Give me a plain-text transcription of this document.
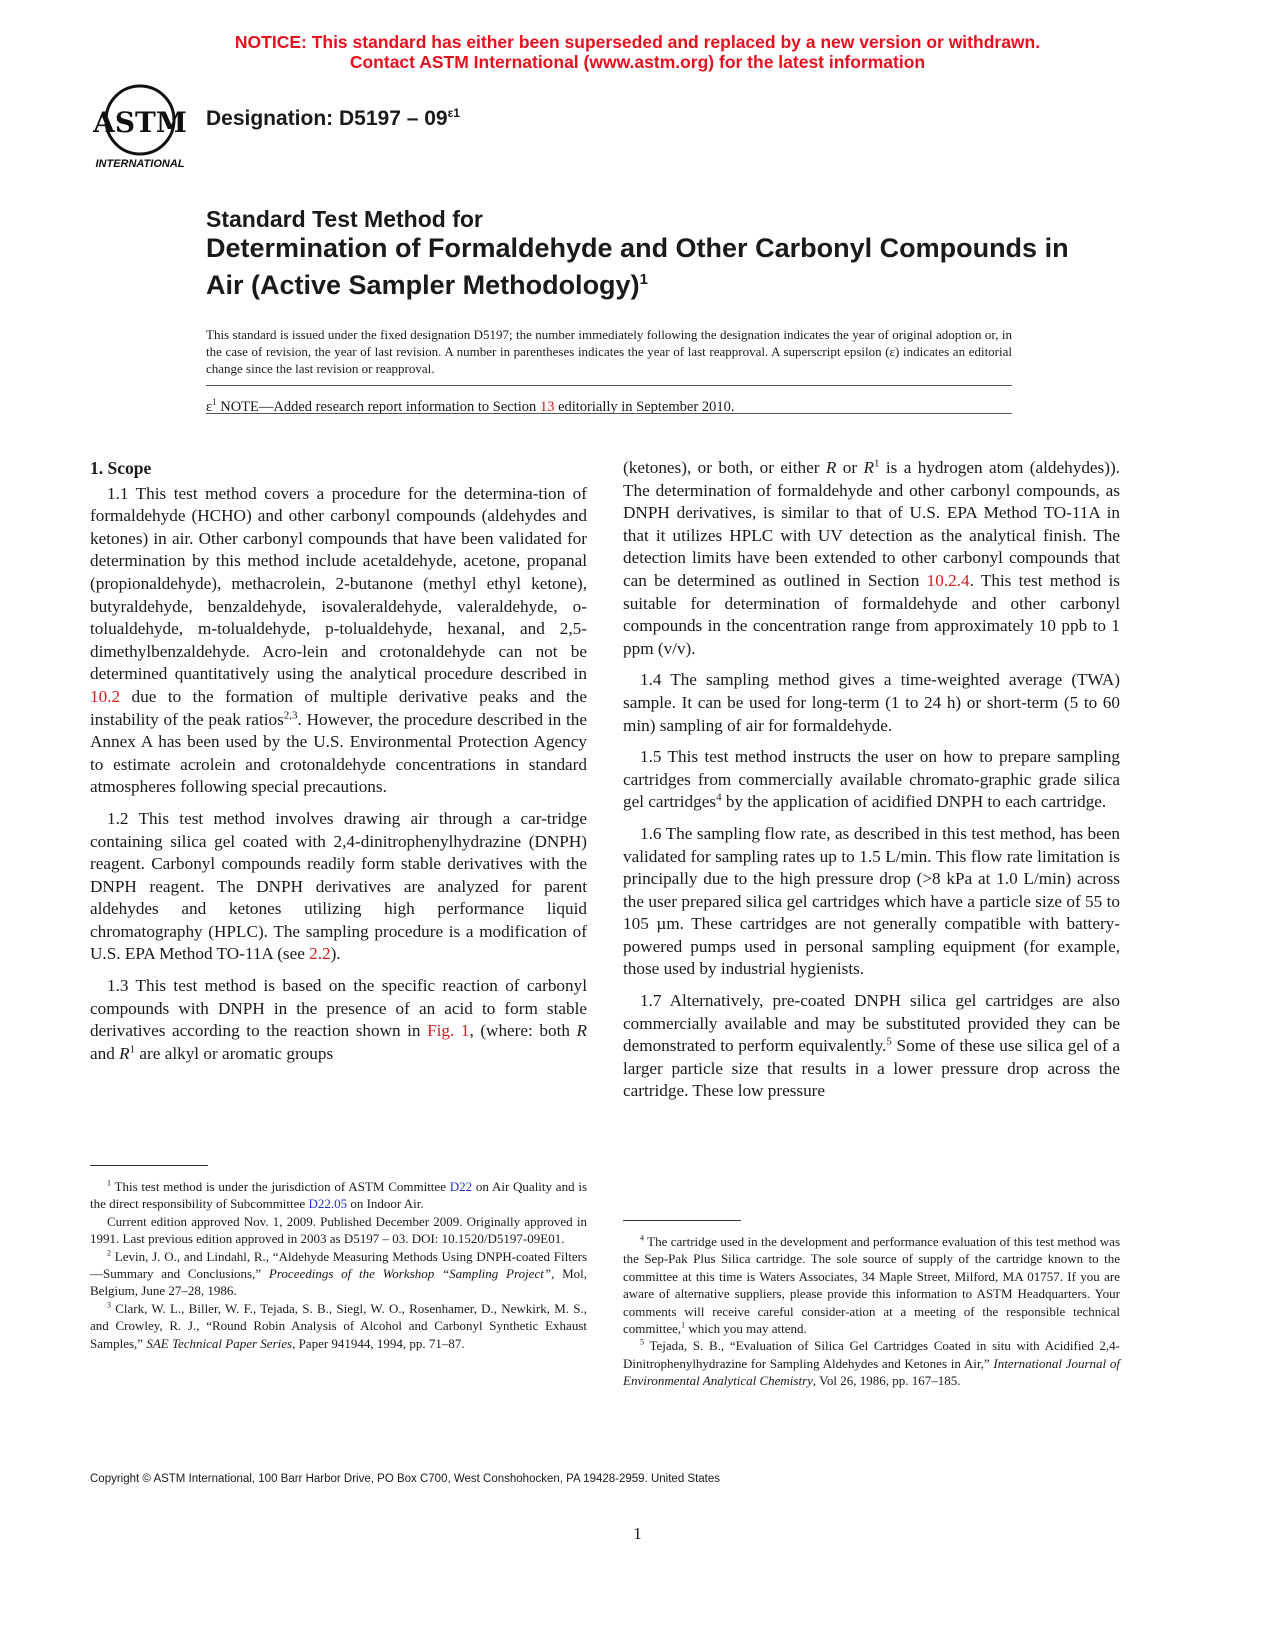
NOTICE: This standard has either been superseded and replaced by a new version or withdrawn.
Contact ASTM International (www.astm.org) for the latest information
ASTM
INTERNATIONAL
Designation: $D5197 - 09^{\varepsilon 1}$
Standard Test Method for
Determination of Formaldehyde and Other Carbonyl Compounds in Air (Active Sampler Methodology)$^1$
This standard is issued under the fixed designation D5197; the number immediately following the designation indicates the year of original adoption or, in the case of revision, the year of last revision. A number in parentheses indicates the year of last reapproval. A superscript epsilon (ε) indicates an editorial change since the last revision or reapproval.
$\varepsilon^1$ NOTE—Added research report information to Section 13 editorially in September 2010.
1. Scope

1.1 This test method covers a procedure for the determina-tion of formaldehyde (HCHO) and other carbonyl compounds (aldehydes and ketones) in air. Other carbonyl compounds that have been validated for determination by this method include acetaldehyde, acetone, propanal (propionaldehyde), methacrolein, 2-butanone (methyl ethyl ketone), butyraldehyde, benzaldehyde, isovaleraldehyde, valeraldehyde, o-tolualdehyde, m-tolualdehyde, p-tolualdehyde, hexanal, and 2,5-dimethylbenzaldehyde. Acro-lein and crotonaldehyde can not be determined quantitatively using the analytical procedure described in 10.2 due to the formation of multiple derivative peaks and the instability of the peak ratios$^{2,3}$. However, the procedure described in the Annex A has been used by the U.S. Environmental Protection Agency to estimate acrolein and crotonaldehyde concentrations in standard atmospheres following special precautions.

1.2 This test method involves drawing air through a car-tridge containing silica gel coated with 2,4-dinitrophenylhydrazine (DNPH) reagent. Carbonyl compounds readily form stable derivatives with the DNPH reagent. The DNPH derivatives are analyzed for parent aldehydes and ketones utilizing high performance liquid chromatography (HPLC). The sampling procedure is a modification of U.S. EPA Method TO-11A (see 2.2).

1.3 This test method is based on the specific reaction of carbonyl compounds with DNPH in the presence of an acid to form stable derivatives according to the reaction shown in Fig. 1, (where: both R and $R^1$ are alkyl or aromatic groups

(ketones), or both, or either R or $R^1$ is a hydrogen atom (aldehydes)). The determination of formaldehyde and other carbonyl compounds, as DNPH derivatives, is similar to that of U.S. EPA Method TO-11A in that it utilizes HPLC with UV detection as the analytical finish. The detection limits have been extended to other carbonyl compounds that can be determined as outlined in Section 10.2.4. This test method is suitable for determination of formaldehyde and other carbonyl compounds in the concentration range from approximately 10 ppb to 1 ppm (v/v).

1.4 The sampling method gives a time-weighted average (TWA) sample. It can be used for long-term (1 to 24 h) or short-term (5 to 60 min) sampling of air for formaldehyde.

1.5 This test method instructs the user on how to prepare sampling cartridges from commercially available chromato-graphic grade silica gel cartridges$^4$ by the application of acidified DNPH to each cartridge.

1.6 The sampling flow rate, as described in this test method, has been validated for sampling rates up to 1.5 L/min. This flow rate limitation is principally due to the high pressure drop (>8 kPa at 1.0 L/min) across the user prepared silica gel cartridges which have a particle size of 55 to 105 µm. These cartridges are not generally compatible with battery-powered pumps used in personal sampling equipment (for example, those used by industrial hygienists.

1.7 Alternatively, pre-coated DNPH silica gel cartridges are also commercially available and may be substituted provided they can be demonstrated to perform equivalently.$^5$ Some of these use silica gel of a larger particle size that results in a lower pressure drop across the cartridge. These low pressure

$^1$ This test method is under the jurisdiction of ASTM Committee D22 on Air Quality and is the direct responsibility of Subcommittee D22.05 on Indoor Air.

Current edition approved Nov. 1, 2009. Published December 2009. Originally approved in 1991. Last previous edition approved in 2003 as D5197 – 03. DOI: 10.1520/D5197-09E01.

$^2$ Levin, J. O., and Lindahl, R., “Aldehyde Measuring Methods Using DNPH-coated Filters—Summary and Conclusions,” Proceedings of the Workshop “Sampling Project”, Mol, Belgium, June 27–28, 1986.

$^3$ Clark, W. L., Biller, W. F., Tejada, S. B., Siegl, W. O., Rosenhamer, D., Newkirk, M. S., and Crowley, R. J., “Round Robin Analysis of Alcohol and Carbonyl Synthetic Exhaust Samples,” SAE Technical Paper Series, Paper 941944, 1994, pp. 71–87.

$^4$ The cartridge used in the development and performance evaluation of this test method was the Sep-Pak Plus Silica cartridge. The sole source of supply of the cartridge known to the committee at this time is Waters Associates, 34 Maple Street, Milford, MA 01757. If you are aware of alternative suppliers, please provide this information to ASTM Headquarters. Your comments will receive careful consider-ation at a meeting of the responsible technical committee,$^1$ which you may attend.

$^5$ Tejada, S. B., “Evaluation of Silica Gel Cartridges Coated in situ with Acidified 2,4-Dinitrophenylhydrazine for Sampling Aldehydes and Ketones in Air,” International Journal of Environmental Analytical Chemistry, Vol 26, 1986, pp. 167–185.

Copyright © ASTM International, 100 Barr Harbor Drive, PO Box C700, West Conshohocken, PA 19428-2959. United States
1
